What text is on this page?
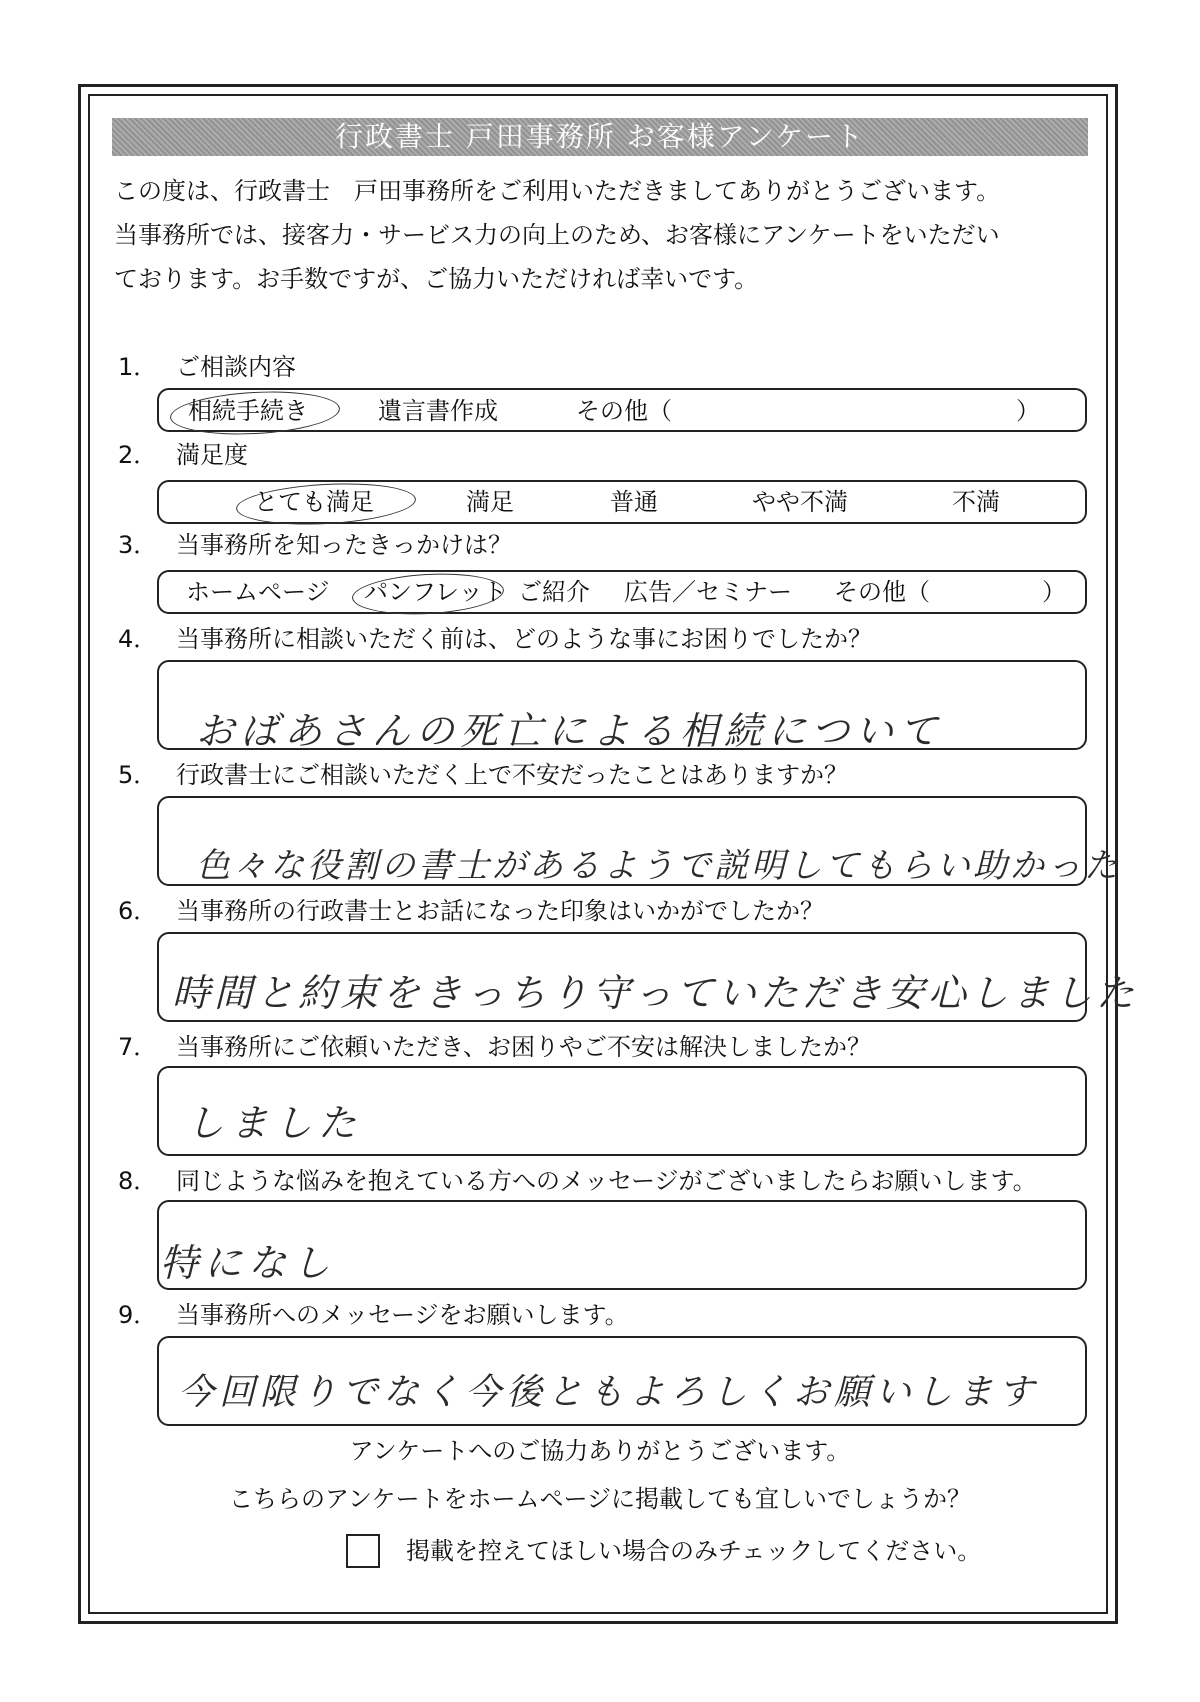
行政書士 戸田事務所 お客様アンケート
この度は、行政書士　戸田事務所をご利用いただきましてありがとうございます。
当事務所では、接客力・サービス力の向上のため、お客様にアンケートをいただい
ております。お手数ですが、ご協力いただければ幸いです。
1． ご相談内容
相続手続き	遺言書作成	その他（	）
2． 満足度
とても満足	満足	普通	やや不満	不満
3． 当事務所を知ったきっかけは？
ホームページ パンフレット ご紹介 広告／セミナー その他（	）
4． 当事務所に相談いただく前は、どのような事にお困りでしたか？
おばあさんの死亡による相続について
5． 行政書士にご相談いただく上で不安だったことはありますか？
色々な役割の書士があるようで説明してもらい助かった
6． 当事務所の行政書士とお話になった印象はいかがでしたか？
時間と約束をきっちり守っていただき安心しました
7． 当事務所にご依頼いただき、お困りやご不安は解決しましたか？
しました
8． 同じような悩みを抱えている方へのメッセージがございましたらお願いします。
特になし
9． 当事務所へのメッセージをお願いします。
今回限りでなく今後ともよろしくお願いします
アンケートへのご協力ありがとうございます。
こちらのアンケートをホームページに掲載しても宜しいでしょうか？
掲載を控えてほしい場合のみチェックしてください。
